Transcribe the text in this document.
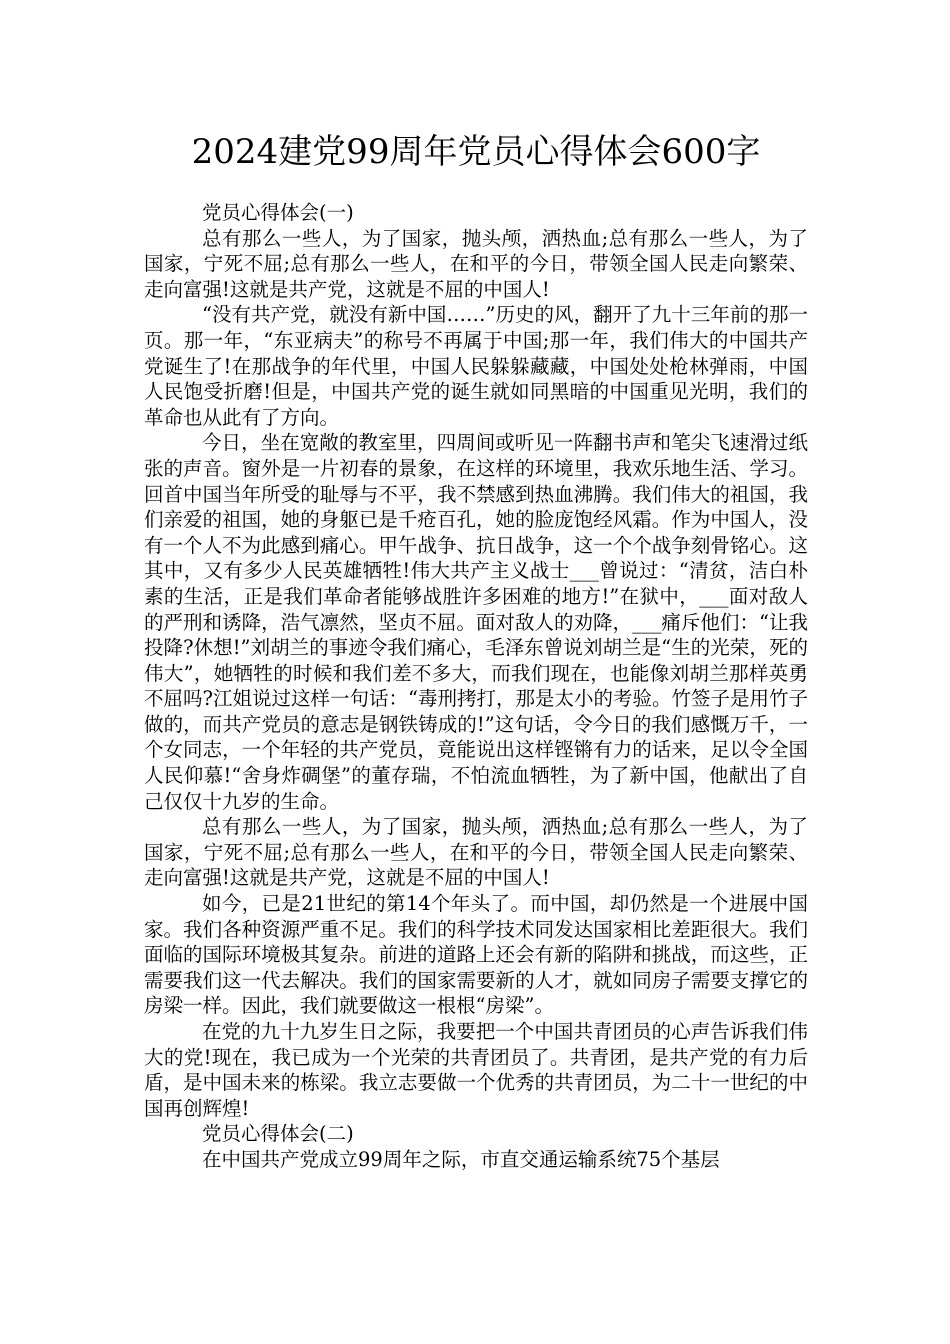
2024建党99周年党员心得体会600字

党员心得体会(一)

总有那么一些人，为了国家，抛头颅，洒热血;总有那么一些人，为了国家，宁死不屈;总有那么一些人，在和平的今日，带领全国人民走向繁荣、走向富强!这就是共产党，这就是不屈的中国人!

“没有共产党，就没有新中国……”历史的风，翻开了九十三年前的那一页。那一年，“东亚病夫”的称号不再属于中国;那一年，我们伟大的中国共产党诞生了!在那战争的年代里，中国人民躲躲藏藏，中国处处枪林弹雨，中国人民饱受折磨!但是，中国共产党的诞生就如同黑暗的中国重见光明，我们的革命也从此有了方向。

今日，坐在宽敞的教室里，四周间或听见一阵翻书声和笔尖飞速滑过纸张的声音。窗外是一片初春的景象，在这样的环境里，我欢乐地生活、学习。回首中国当年所受的耻辱与不平，我不禁感到热血沸腾。我们伟大的祖国，我们亲爱的祖国，她的身躯已是千疮百孔，她的脸庞饱经风霜。作为中国人，没有一个人不为此感到痛心。甲午战争、抗日战争，这一个个战争刻骨铭心。这其中，又有多少人民英雄牺牲!伟大共产主义战士___曾说过：“清贫，洁白朴素的生活，正是我们革命者能够战胜许多困难的地方!”在狱中，___面对敌人的严刑和诱降，浩气凛然，坚贞不屈。面对敌人的劝降，___痛斥他们：“让我投降?休想!”刘胡兰的事迹令我们痛心，毛泽东曾说刘胡兰是“生的光荣，死的伟大”，她牺牲的时候和我们差不多大，而我们现在，也能像刘胡兰那样英勇不屈吗?江姐说过这样一句话：“毒刑拷打，那是太小的考验。竹签子是用竹子做的，而共产党员的意志是钢铁铸成的!”这句话，令今日的我们感慨万千，一个女同志，一个年轻的共产党员，竟能说出这样铿锵有力的话来，足以令全国人民仰慕!“舍身炸碉堡”的董存瑞，不怕流血牺牲，为了新中国，他献出了自己仅仅十九岁的生命。

总有那么一些人，为了国家，抛头颅，洒热血;总有那么一些人，为了国家，宁死不屈;总有那么一些人，在和平的今日，带领全国人民走向繁荣、走向富强!这就是共产党，这就是不屈的中国人!

如今，已是21世纪的第14个年头了。而中国，却仍然是一个进展中国家。我们各种资源严重不足。我们的科学技术同发达国家相比差距很大。我们面临的国际环境极其复杂。前进的道路上还会有新的陷阱和挑战，而这些，正需要我们这一代去解决。我们的国家需要新的人才，就如同房子需要支撑它的房梁一样。因此，我们就要做这一根根“房梁”。

在党的九十九岁生日之际，我要把一个中国共青团员的心声告诉我们伟大的党!现在，我已成为一个光荣的共青团员了。共青团，是共产党的有力后盾，是中国未来的栋梁。我立志要做一个优秀的共青团员，为二十一世纪的中国再创辉煌!

党员心得体会(二)

在中国共产党成立99周年之际，市直交通运输系统75个基层
